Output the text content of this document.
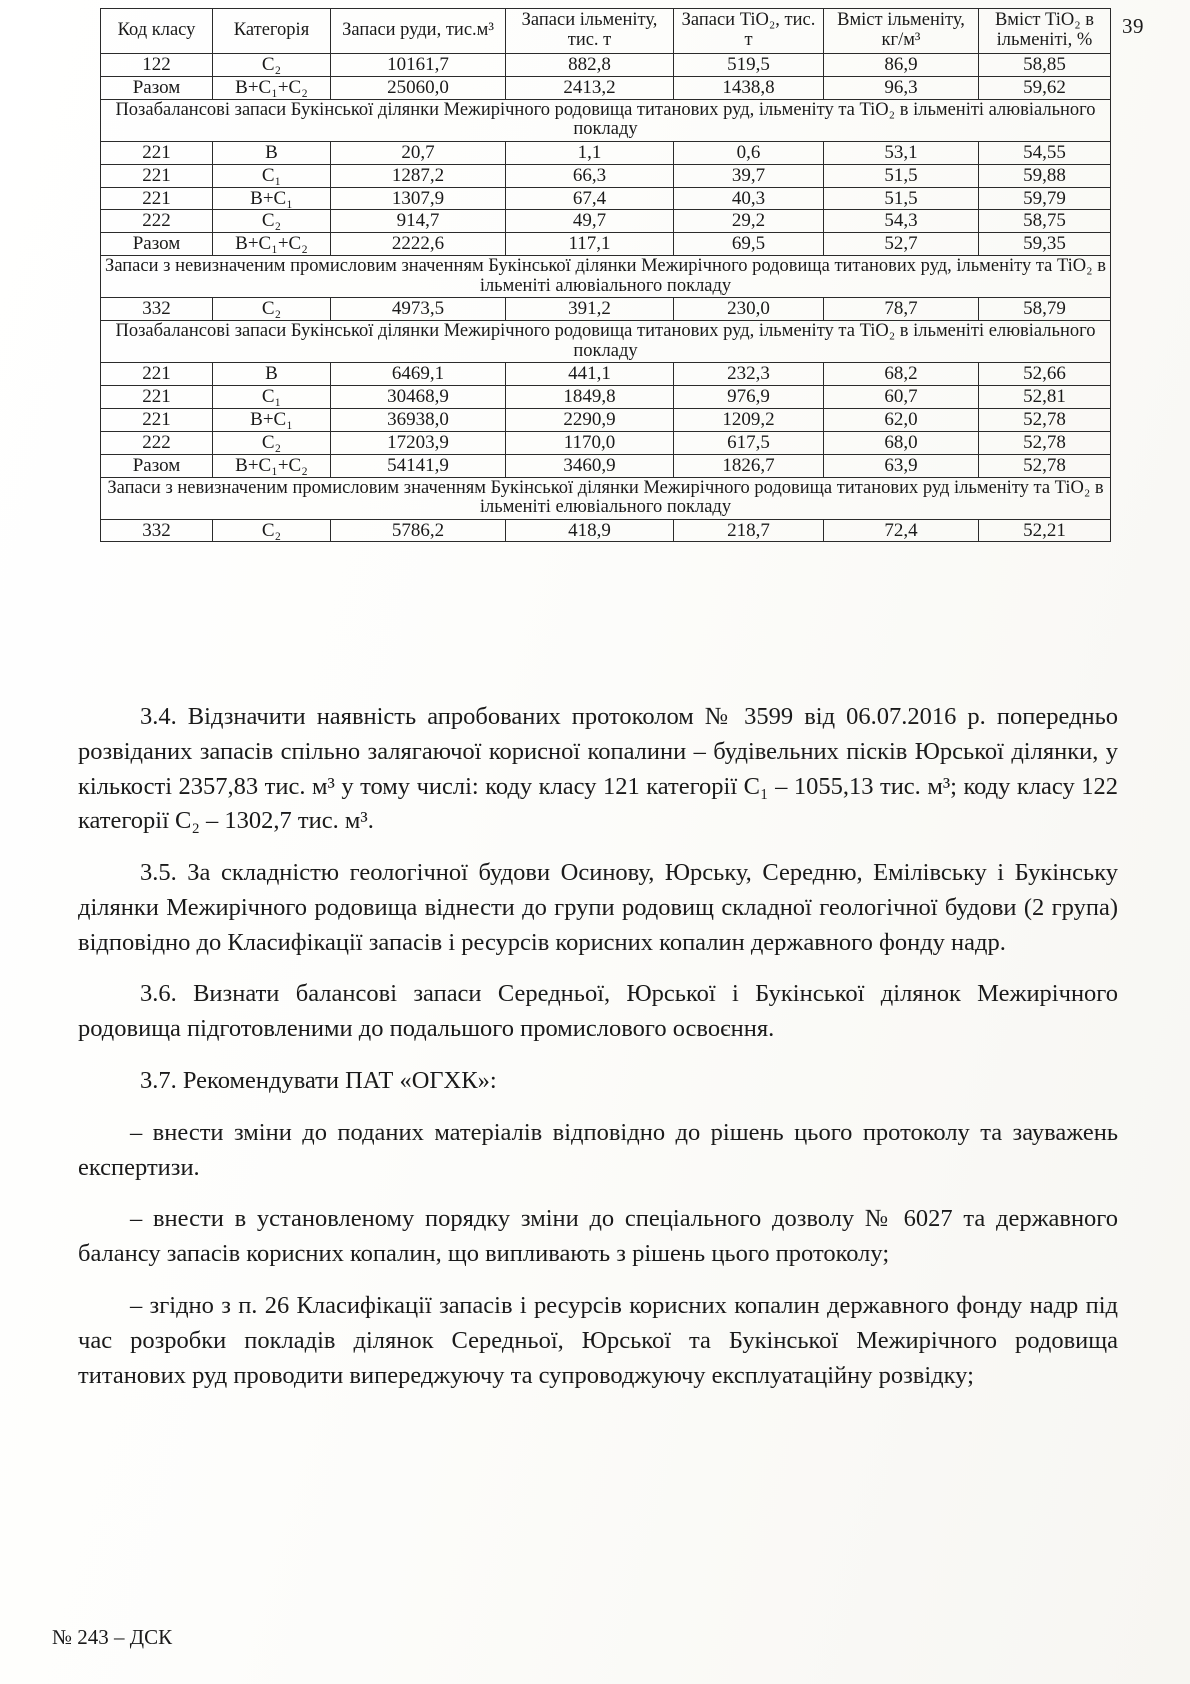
39
Код класу	Категорія	Запаси руди, тис.м³	Запаси ільменіту, тис. т	Запаси TiO₂, тис. т	Вміст ільменіту, кг/м³	Вміст TiO₂ в ільменіті, %
122	C₂	10161,7	882,8	519,5	86,9	58,85
Разом	В+С₁+С₂	25060,0	2413,2	1438,8	96,3	59,62
Позабалансові запаси Букінської ділянки Межирічного родовища титанових руд, ільменіту та TiO₂ в ільменіті алювіального покладу						
221	В	20,7	1,1	0,6	53,1	54,55
221	С₁	1287,2	66,3	39,7	51,5	59,88
221	В+С₁	1307,9	67,4	40,3	51,5	59,79
222	С₂	914,7	49,7	29,2	54,3	58,75
Разом	В+С₁+С₂	2222,6	117,1	69,5	52,7	59,35
Запаси з невизначеним промисловим значенням Букінської ділянки Межирічного родовища титанових руд, ільменіту та TiO₂ в ільменіті алювіального покладу						
332	С₂	4973,5	391,2	230,0	78,7	58,79
Позабалансові запаси Букінської ділянки Межирічного родовища титанових руд, ільменіту та TiO₂ в ільменіті елювіального покладу						
221	В	6469,1	441,1	232,3	68,2	52,66
221	С₁	30468,9	1849,8	976,9	60,7	52,81
221	В+С₁	36938,0	2290,9	1209,2	62,0	52,78
222	С₂	17203,9	1170,0	617,5	68,0	52,78
Разом	В+С₁+С₂	54141,9	3460,9	1826,7	63,9	52,78
Запаси з невизначеним промисловим значенням Букінської ділянки Межирічного родовища титанових руд ільменіту та TiO₂ в ільменіті елювіального покладу						
332	С₂	5786,2	418,9	218,7	72,4	52,21

3.4. Відзначити наявність апробованих протоколом № 3599 від 06.07.2016 р. попередньо розвіданих запасів спільно залягаючої корисної копалини – будівельних пісків Юрської ділянки, у кількості 2357,83 тис. м³ у тому числі: коду класу 121 категорії С₁ – 1055,13 тис. м³; коду класу 122 категорії С₂ – 1302,7 тис. м³.

3.5. За складністю геологічної будови Осинову, Юрську, Середню, Емілівську і Букінську ділянки Межирічного родовища віднести до групи родовищ складної геологічної будови (2 група) відповідно до Класифікації запасів і ресурсів корисних копалин державного фонду надр.

3.6. Визнати балансові запаси Середньої, Юрської і Букінської ділянок Межирічного родовища підготовленими до подальшого промислового освоєння.

3.7. Рекомендувати ПАТ «ОГХК»:

– внести зміни до поданих матеріалів відповідно до рішень цього протоколу та зауважень експертизи.

– внести в установленому порядку зміни до спеціального дозволу № 6027 та державного балансу запасів корисних копалин, що випливають з рішень цього протоколу;

– згідно з п. 26 Класифікації запасів і ресурсів корисних копалин державного фонду надр під час розробки покладів ділянок Середньої, Юрської та Букінської Межирічного родовища титанових руд проводити випереджуючу та супроводжуючу експлуатаційну розвідку;

№ 243 – ДСК
